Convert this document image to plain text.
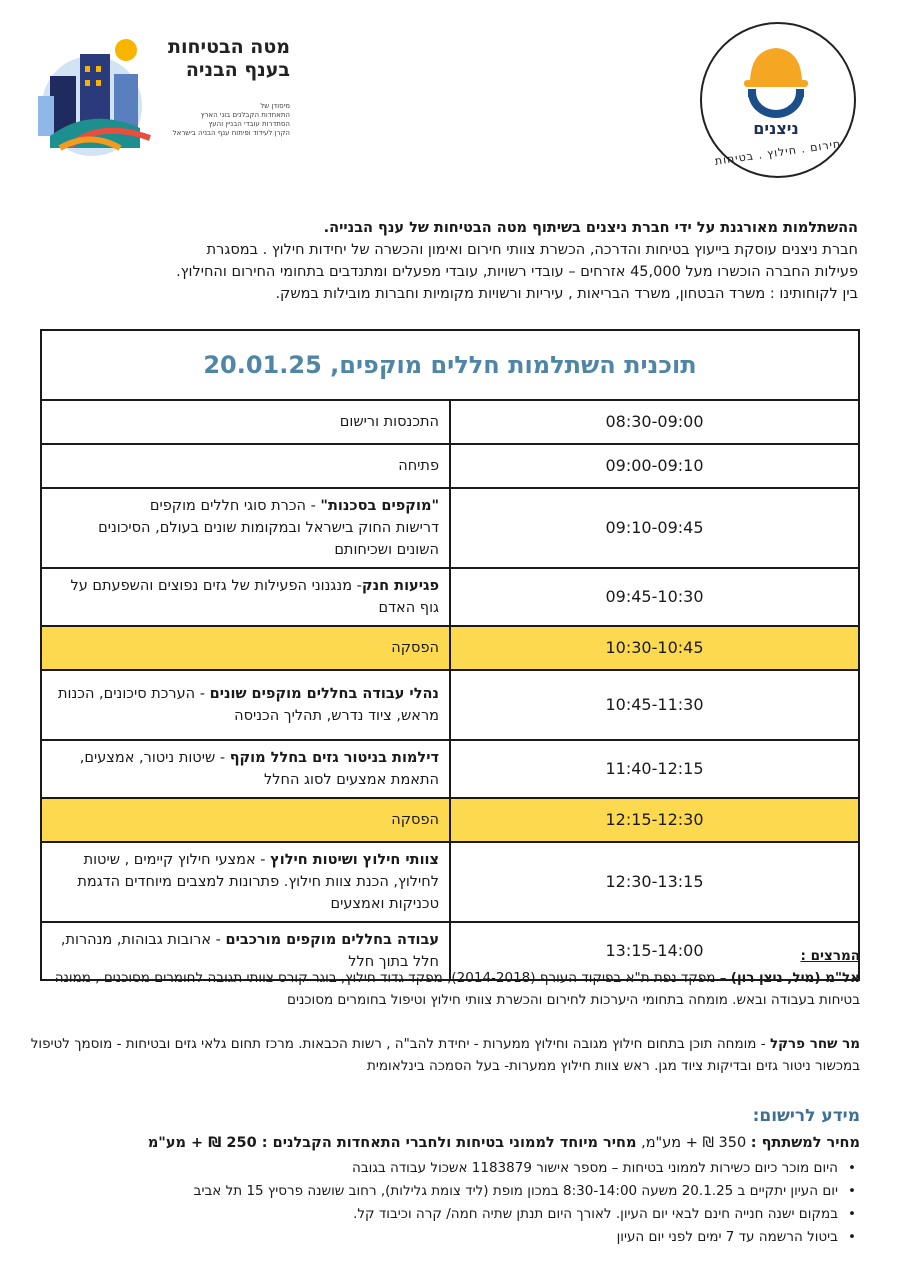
מטה הבטיחות
בענף הבניה
מיסודן של
התאחדות הקבלנים בוני הארץ
הסתדרות עובדי הבניין והעץ
הקרן לעידוד ופיתוח ענף הבניה בישראל	ניצנים
חירום . חילוץ . בטיחות

ההשתלמות מאורגנת על ידי חברת ניצנים בשיתוף מטה הבטיחות של ענף הבנייה.

חברת ניצנים עוסקת בייעוץ בטיחות והדרכה, הכשרת צוותי חירום ואימון והכשרה של יחידות חילוץ . במסגרת

פעילות החברה הוכשרו מעל 45,000 אזרחים – עובדי רשויות, עובדי מפעלים ומתנדבים בתחומי החירום והחילוץ.

בין לקוחותינו : משרד הבטחון, משרד הבריאות , עיריות ורשויות מקומיות וחברות מובילות במשק.

תוכנית השתלמות חללים מוקפים, 20.01.25	
08:30-09:00	התכנסות ורישום
09:00-09:10	פתיחה
09:10-09:45	"מוקפים בסכנות" - הכרת סוגי חללים מוקפים
דרישות החוק בישראל ובמקומות שונים בעולם, הסיכונים השונים ושכיחותם

09:45-10:30	פגיעות חנק- מנגנוני הפעילות של גזים נפוצים והשפעתם על גוף האדם
10:30-10:45	הפסקה
10:45-11:30	נהלי עבודה בחללים מוקפים שונים - הערכת סיכונים, הכנות מראש, ציוד נדרש, תהליך הכניסה
11:40-12:15	דילמות בניטור גזים בחלל מוקף - שיטות ניטור, אמצעים, התאמת אמצעים לסוג החלל
12:15-12:30	הפסקה
12:30-13:15	צוותי חילוץ ושיטות חילוץ - אמצעי חילוץ קיימים , שיטות לחילוץ, הכנת צוות חילוץ. פתרונות למצבים מיוחדים הדגמת טכניקות ואמצעים
13:15-14:00	עבודה בחללים מוקפים מורכבים - ארובות גבוהות, מנהרות, חלל בתוך חלל	המרצים :

אל"מ (מיל, ניצן רון) – מפקד נפת ת"א בפיקוד העורף (2014-2018), מפקד גדוד חילוץ, בוגר קורס צוותי תגובה לחומרים מסוכנים , ממונה בטיחות בעבודה ובאש. מומחה בתחומי היערכות לחירום והכשרת צוותי חילוץ וטיפול בחומרים מסוכנים

מר שחר פרקל - מומחה תוכן בתחום חילוץ מגובה וחילוץ ממערות - יחידת להב"ה , רשות הכבאות. מרכז תחום גלאי גזים ובטיחות - מוסמך לטיפול במכשור ניטור גזים ובדיקות ציוד מגן. ראש צוות חילוץ ממערות- בעל הסמכה בינלאומית

מידע לרישום:
מחיר למשתתף : 350 ₪ + מע"מ, מחיר מיוחד לממוני בטיחות ולחברי התאחדות הקבלנים : 250 ₪ + מע"מ
• היום מוכר כיום כשירות לממוני בטיחות – מספר אישור 1183879 אשכול עבודה בגובה
• יום העיון יתקיים ב 20.1.25 משעה 8:30-14:00 במכון מופת (ליד צומת גלילות), רחוב שושנה פרסיץ 15 תל אביב
• במקום ישנה חנייה חינם לבאי יום העיון. לאורך היום תנתן שתיה חמה/ קרה וכיבוד קל.
• ביטול הרשמה עד 7 ימים לפני יום העיון
